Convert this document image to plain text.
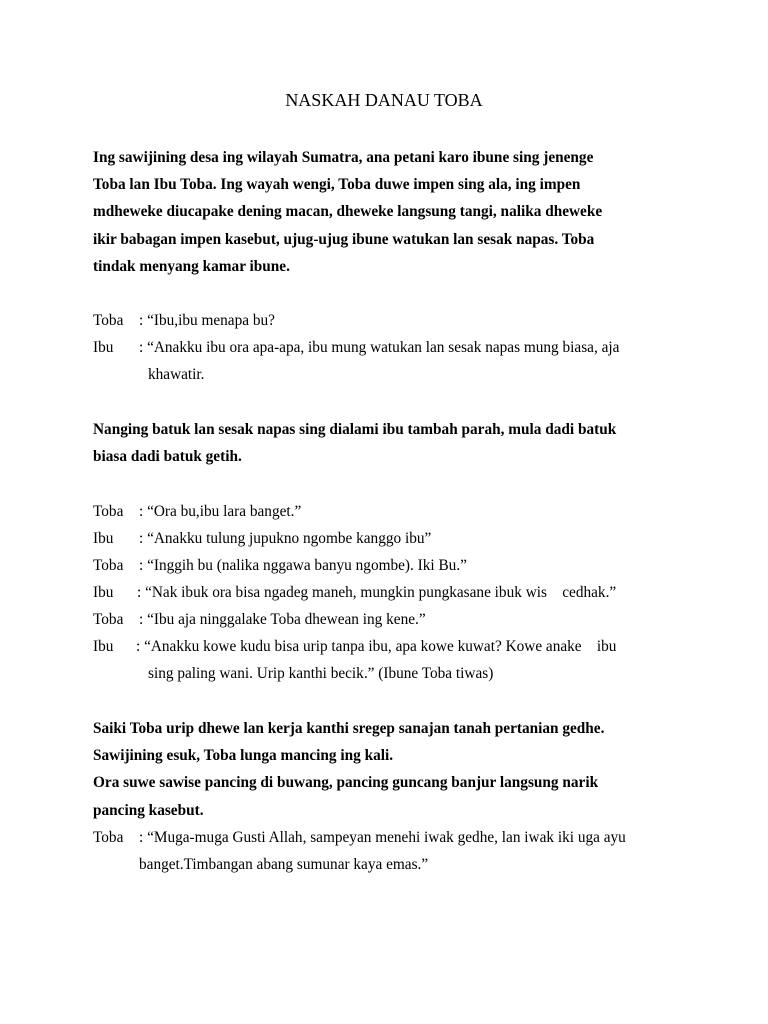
NASKAH DANAU TOBA
Ing sawijining desa ing wilayah Sumatra, ana petani karo ibune sing jenenge
Toba lan Ibu Toba. Ing wayah wengi, Toba duwe impen sing ala, ing impen
mdheweke diucapake dening macan, dheweke langsung tangi, nalika dheweke
ikir babagan impen kasebut, ujug-ujug ibune watukan lan sesak napas. Toba
tindak menyang kamar ibune.
Toba : “Ibu,ibu menapa bu?
Ibu : “Anakku ibu ora apa-apa, ibu mung watukan lan sesak napas mung biasa, aja
khawatir.
Nanging batuk lan sesak napas sing dialami ibu tambah parah, mula dadi batuk
biasa dadi batuk getih.
Toba : “Ora bu,ibu lara banget.”
Ibu : “Anakku tulung jupukno ngombe kanggo ibu”
Toba : “Inggih bu (nalika nggawa banyu ngombe). Iki Bu.”
Ibu : “Nak ibuk ora bisa ngadeg maneh, mungkin pungkasane ibuk wis    cedhak.”
Toba : “Ibu aja ninggalake Toba dhewean ing kene.”
Ibu : “Anakku kowe kudu bisa urip tanpa ibu, apa kowe kuwat? Kowe anake    ibu
sing paling wani. Urip kanthi becik.” (Ibune Toba tiwas)
Saiki Toba urip dhewe lan kerja kanthi sregep sanajan tanah pertanian gedhe.
Sawijining esuk, Toba lunga mancing ing kali.
Ora suwe sawise pancing di buwang, pancing guncang banjur langsung narik
pancing kasebut.
Toba : “Muga-muga Gusti Allah, sampeyan menehi iwak gedhe, lan iwak iki uga ayu
banget.Timbangan abang sumunar kaya emas.”
